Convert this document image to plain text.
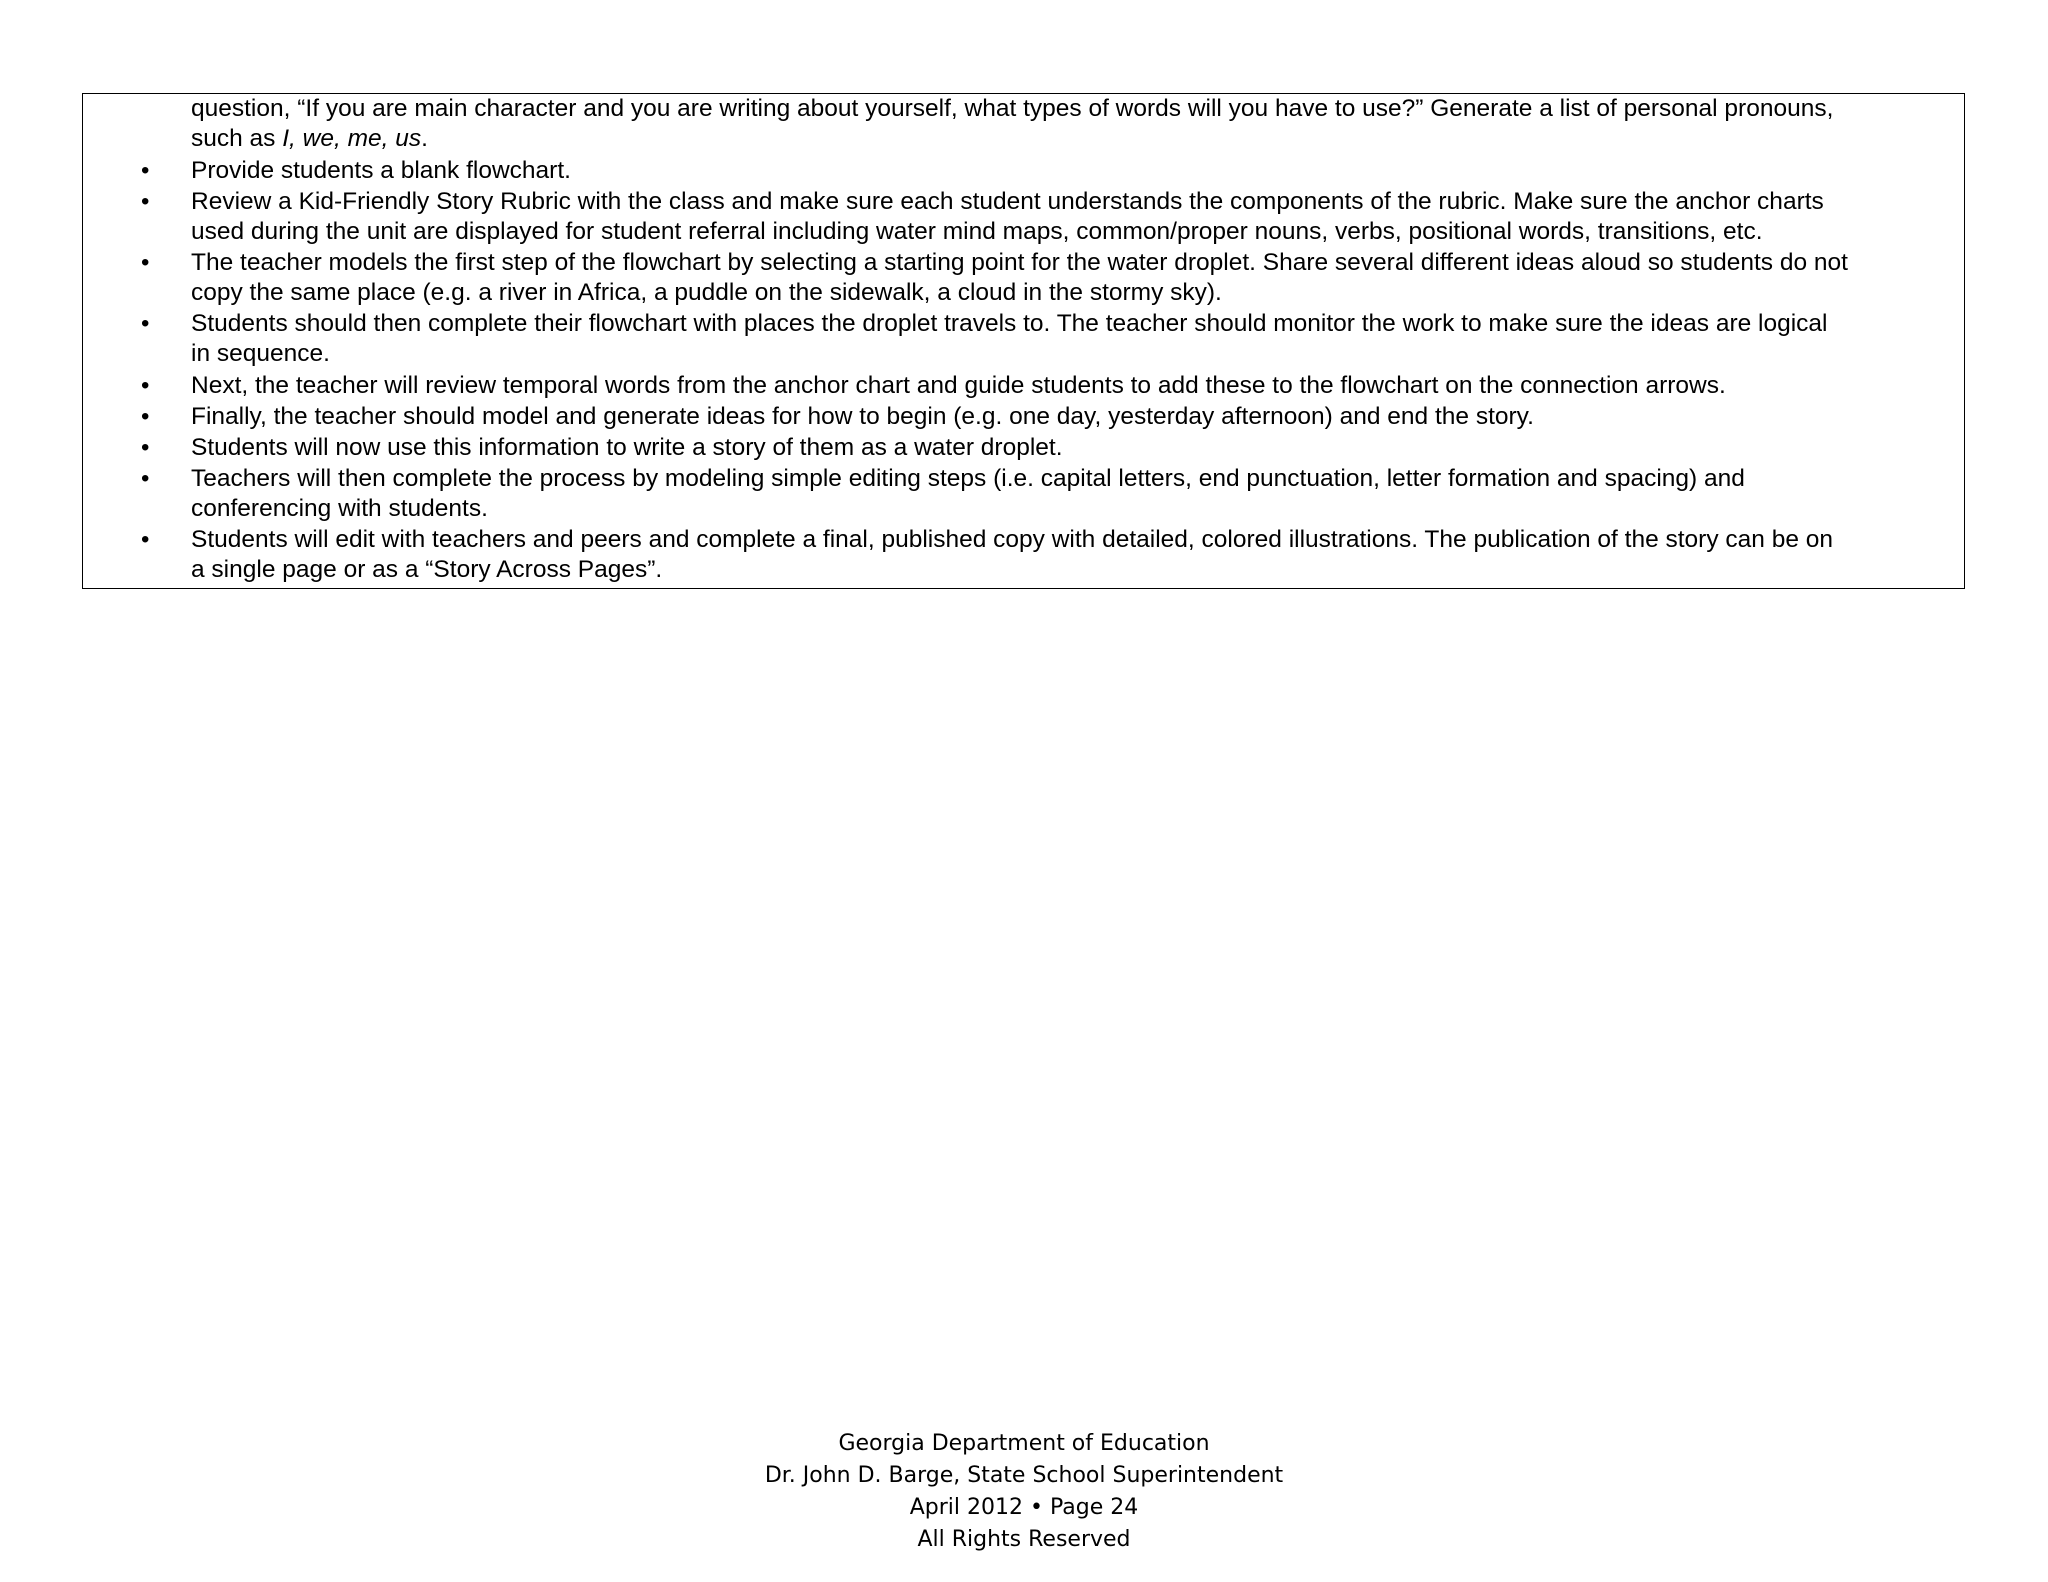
question, “If you are main character and you are writing about yourself, what types of words will you have to use?” Generate a list of personal pronouns,
such as I, we, me, us.
• Provide students a blank flowchart.
• Review a Kid-Friendly Story Rubric with the class and make sure each student understands the components of the rubric. Make sure the anchor charts
used during the unit are displayed for student referral including water mind maps, common/proper nouns, verbs, positional words, transitions, etc.
• The teacher models the first step of the flowchart by selecting a starting point for the water droplet. Share several different ideas aloud so students do not
copy the same place (e.g. a river in Africa, a puddle on the sidewalk, a cloud in the stormy sky).
• Students should then complete their flowchart with places the droplet travels to. The teacher should monitor the work to make sure the ideas are logical
in sequence.
• Next, the teacher will review temporal words from the anchor chart and guide students to add these to the flowchart on the connection arrows.
• Finally, the teacher should model and generate ideas for how to begin (e.g. one day, yesterday afternoon) and end the story.
• Students will now use this information to write a story of them as a water droplet.
• Teachers will then complete the process by modeling simple editing steps (i.e. capital letters, end punctuation, letter formation and spacing) and
conferencing with students.
• Students will edit with teachers and peers and complete a final, published copy with detailed, colored illustrations. The publication of the story can be on
a single page or as a “Story Across Pages”.
Georgia Department of Education
Dr. John D. Barge, State School Superintendent
April 2012 • Page 24
All Rights Reserved
